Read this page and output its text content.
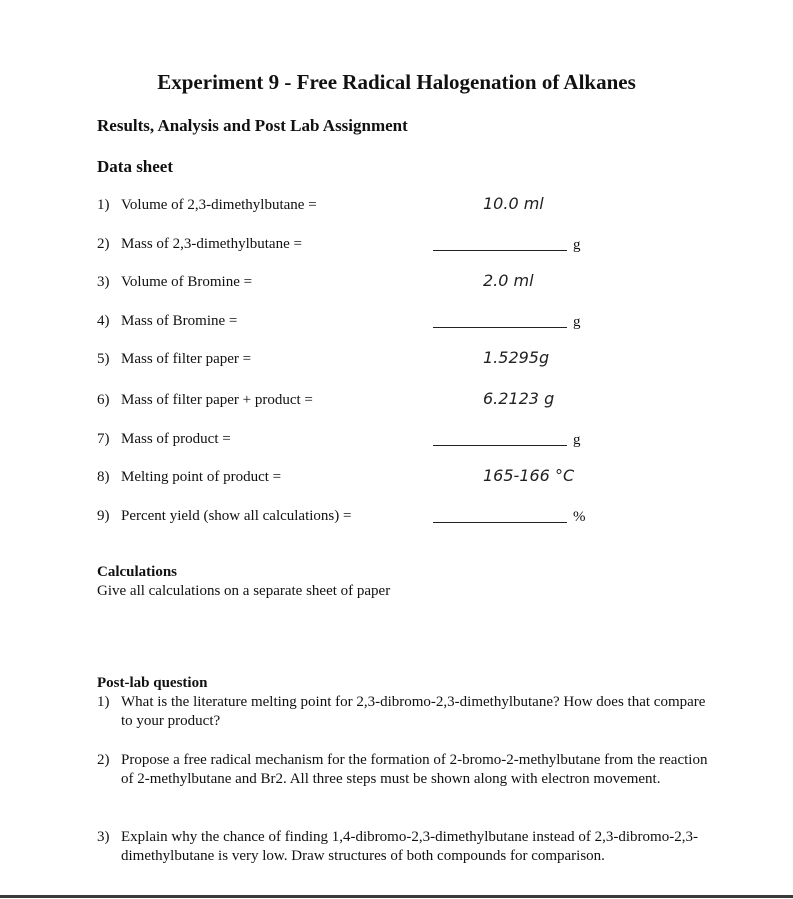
Experiment 9 - Free Radical Halogenation of Alkanes
Results, Analysis and Post Lab Assignment
Data sheet
1) Volume of 2,3-dimethylbutane =	10.0 ml
2) Mass of 2,3-dimethylbutane =	g
3) Volume of Bromine =	2.0 ml
4) Mass of Bromine =	g
5) Mass of filter paper =	1.5295g
6) Mass of filter paper + product =	6.2123 g
7) Mass of product =	g
8) Melting point of product =	165-166 °C
9) Percent yield (show all calculations) =	%
Calculations
Give all calculations on a separate sheet of paper
Post-lab question
1) What is the literature melting point for 2,3-dibromo-2,3-dimethylbutane? How does that compare to your product?
2) Propose a free radical mechanism for the formation of 2-bromo-2-methylbutane from the reaction of 2-methylbutane and Br2. All three steps must be shown along with electron movement.
3) Explain why the chance of finding 1,4-dibromo-2,3-dimethylbutane instead of 2,3-dibromo-2,3-dimethylbutane is very low. Draw structures of both compounds for comparison.
